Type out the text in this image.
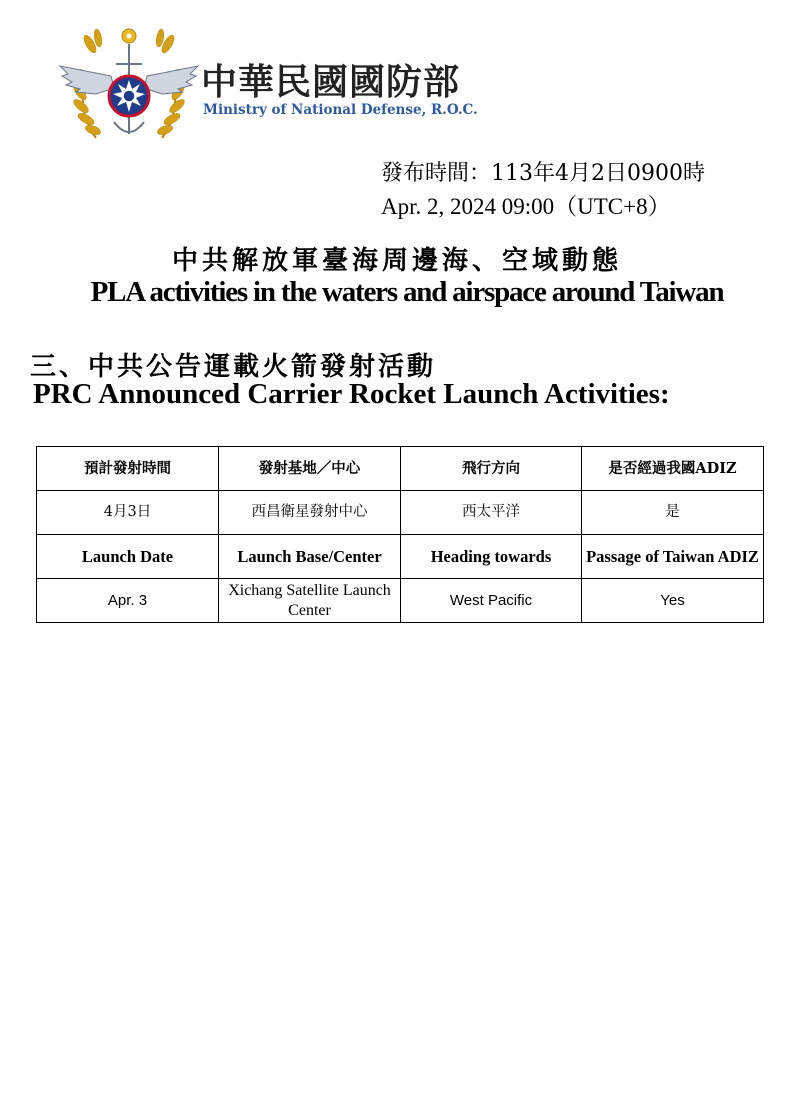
中華民國國防部
Ministry of National Defense, R.O.C.
發布時間：113年4月2日0900時
Apr. 2, 2024 09:00（UTC+8）
中共解放軍臺海周邊海、空域動態
PLA activities in the waters and airspace around Taiwan
三、中共公告運載火箭發射活動
PRC Announced Carrier Rocket Launch Activities:
預計發射時間	發射基地／中心	飛行方向	是否經過我國ADIZ
4月3日	西昌衛星發射中心	西太平洋	是
Launch Date	Launch Base/Center	Heading towards	Passage of Taiwan ADIZ
Apr. 3	Xichang Satellite Launch Center	West Pacific	Yes
